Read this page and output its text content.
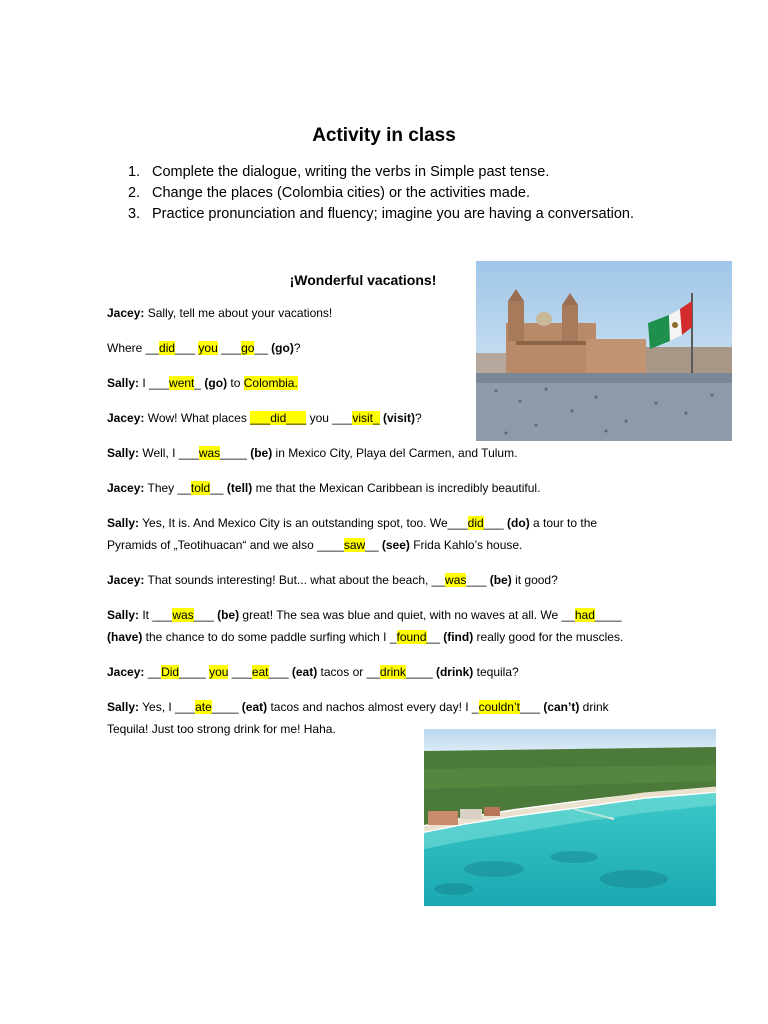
Activity in class
1. Complete the dialogue, writing the verbs in Simple past tense.
2. Change the places (Colombia cities) or the activities made.
3. Practice pronunciation and fluency; imagine you are having a conversation.
¡Wonderful vacations!

Jacey: Sally, tell me about your vacations!

Where __did___ you ___go__ (go)?

Sally: I ___went_ (go) to Colombia.

Jacey: Wow! What places ___did___ you ___visit_ (visit)?

Sally: Well, I ___was____ (be) in Mexico City, Playa del Carmen, and Tulum.

Jacey: They __told__ (tell) me that the Mexican Caribbean is incredibly beautiful.

Sally: Yes, It is. And Mexico City is an outstanding spot, too. We___did___ (do) a tour to the

Pyramids of „Teotihuacan“ and we also ____saw__ (see) Frida Kahlo’s house.

Jacey: That sounds interesting! But... what about the beach, __was___ (be) it good?

Sally: It ___was___ (be) great! The sea was blue and quiet, with no waves at all. We __had____

(have) the chance to do some paddle surfing which I _found__ (find) really good for the muscles.

Jacey: __Did____ you ___eat___ (eat) tacos or __drink____ (drink) tequila?

Sally: Yes, I ___ate____ (eat) tacos and nachos almost every day! I _couldn’t___ (can’t) drink

Tequila! Just too strong drink for me! Haha.
